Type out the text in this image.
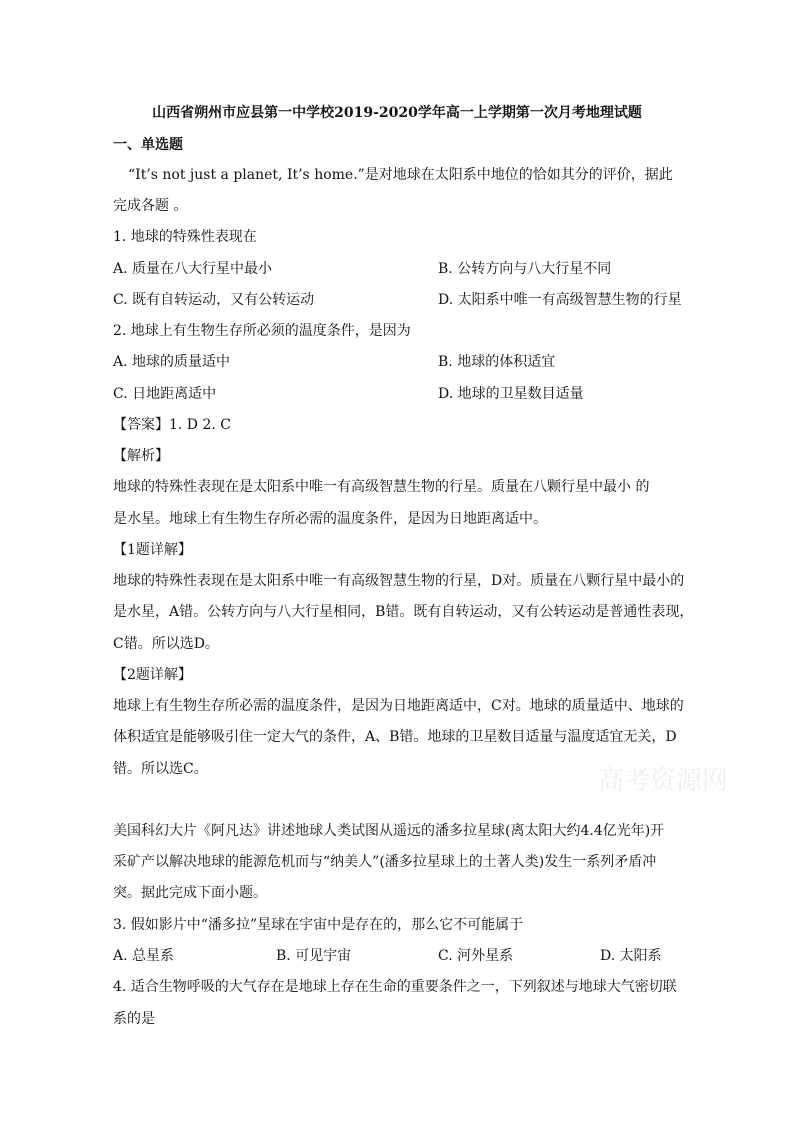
山西省朔州市应县第一中学校2019-2020学年高一上学期第一次月考地理试题
一、单选题
“It’s not just a planet, It’s home.”是对地球在太阳系中地位的恰如其分的评价，据此
完成各题 。
1. 地球的特殊性表现在
A. 质量在八大行星中最小	B. 公转方向与八大行星不同
C. 既有自转运动，又有公转运动	D. 太阳系中唯一有高级智慧生物的行星
2. 地球上有生物生存所必须的温度条件，是因为
A. 地球的质量适中	B. 地球的体积适宜
C. 日地距离适中	D. 地球的卫星数目适量
【答案】1. D 2. C
【解析】
地球的特殊性表现在是太阳系中唯一有高级智慧生物的行星。质量在八颗行星中最小 的
是水星。地球上有生物生存所必需的温度条件，是因为日地距离适中。
【1题详解】
地球的特殊性表现在是太阳系中唯一有高级智慧生物的行星，D对。质量在八颗行星中最小的
是水星，A错。公转方向与八大行星相同，B错。既有自转运动，又有公转运动是普通性表现，
C错。所以选D。
【2题详解】
地球上有生物生存所必需的温度条件，是因为日地距离适中，C对。地球的质量适中、地球的
体积适宜是能够吸引住一定大气的条件，A、B错。地球的卫星数目适量与温度适宜无关，D
错。所以选C。	高考资源网
美国科幻大片《阿凡达》讲述地球人类试图从遥远的潘多拉星球(离太阳大约4.4亿光年)开
采矿产以解决地球的能源危机而与“纳美人”(潘多拉星球上的土著人类)发生一系列矛盾冲
突。据此完成下面小题。
3. 假如影片中“潘多拉”星球在宇宙中是存在的，那么它不可能属于
A. 总星系	B. 可见宇宙	C. 河外星系	D. 太阳系
4. 适合生物呼吸的大气存在是地球上存在生命的重要条件之一，下列叙述与地球大气密切联
系的是
